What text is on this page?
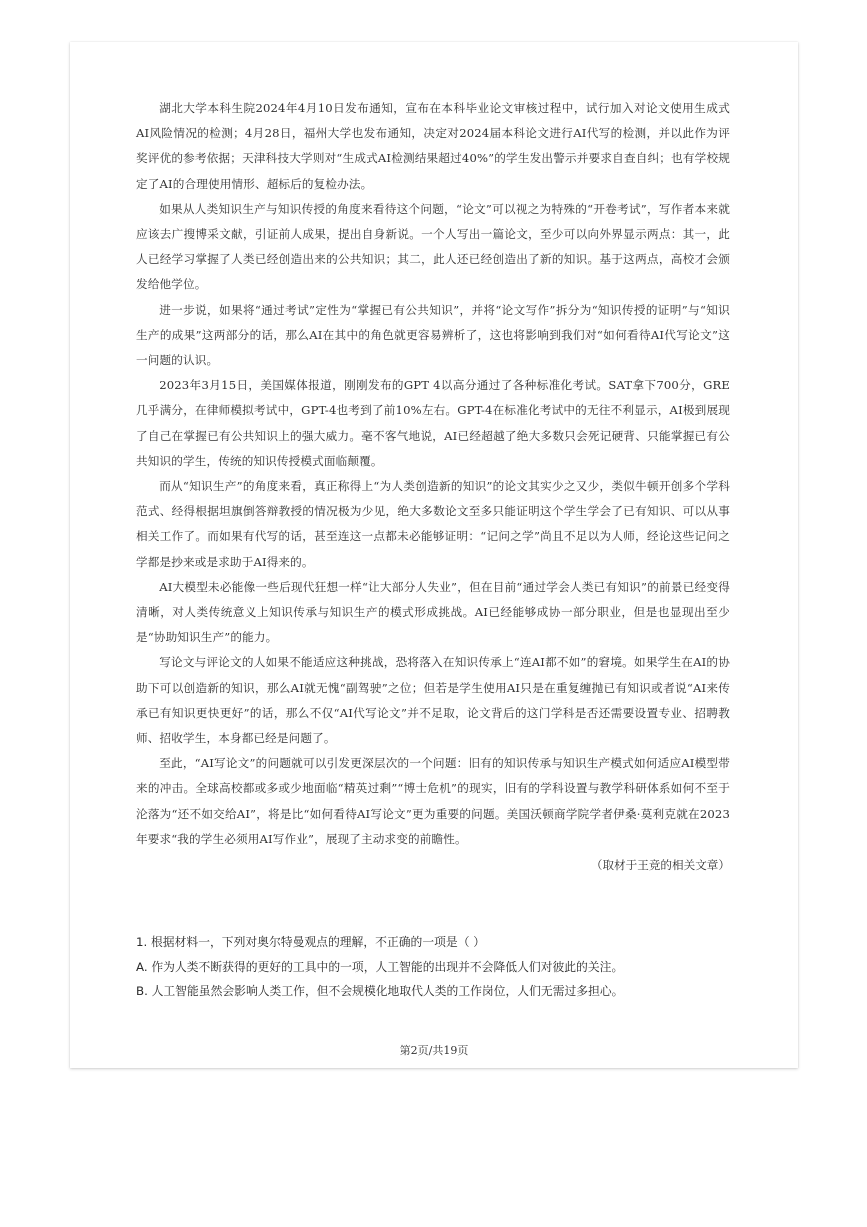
湖北大学本科生院2024年4月10日发布通知，宣布在本科毕业论文审核过程中，试行加入对论文使用生成式AI风险情况的检测；4月28日，福州大学也发布通知，决定对2024届本科论文进行AI代写的检测，并以此作为评奖评优的参考依据；天津科技大学则对“生成式AI检测结果超过40%”的学生发出警示并要求自查自纠；也有学校规定了AI的合理使用情形、超标后的复检办法。

如果从人类知识生产与知识传授的角度来看待这个问题，“论文”可以视之为特殊的“开卷考试”，写作者本来就应该去广搜博采文献，引证前人成果，提出自身新说。一个人写出一篇论文，至少可以向外界显示两点：其一，此人已经学习掌握了人类已经创造出来的公共知识；其二，此人还已经创造出了新的知识。基于这两点，高校才会颁发给他学位。

进一步说，如果将“通过考试”定性为“掌握已有公共知识”，并将“论文写作”拆分为“知识传授的证明”与“知识生产的成果”这两部分的话，那么AI在其中的角色就更容易辨析了，这也将影响到我们对“如何看待AI代写论文”这一问题的认识。

2023年3月15日，美国媒体报道，刚刚发布的GPT 4以高分通过了各种标准化考试。SAT拿下700分，GRE几乎满分，在律师模拟考试中，GPT-4也考到了前10%左右。GPT-4在标准化考试中的无往不利显示，AI极到展现了自己在掌握已有公共知识上的强大威力。毫不客气地说，AI已经超越了绝大多数只会死记硬背、只能掌握已有公共知识的学生，传统的知识传授模式面临颠覆。

而从“知识生产”的角度来看，真正称得上“为人类创造新的知识”的论文其实少之又少，类似牛顿开创多个学科范式、经得根据坦旗倒答辩教授的情况极为少见，绝大多数论文至多只能证明这个学生学会了已有知识、可以从事相关工作了。而如果有代写的话，甚至连这一点都未必能够证明：“记问之学”尚且不足以为人师，经论这些记问之学都是抄来或是求助于AI得来的。

AI大模型未必能像一些后现代狂想一样“让大部分人失业”，但在目前“通过学会人类已有知识”的前景已经变得清晰，对人类传统意义上知识传承与知识生产的模式形成挑战。AI已经能够成协一部分职业，但是也显现出至少是“协助知识生产”的能力。

写论文与评论文的人如果不能适应这种挑战，恐将落入在知识传承上“连AI都不如”的窘境。如果学生在AI的协助下可以创造新的知识，那么AI就无愧“副驾驶”之位；但若是学生使用AI只是在重复缠抛已有知识或者说“AI来传承已有知识更快更好”的话，那么不仅“AI代写论文”并不足取，论文背后的这门学科是否还需要设置专业、招聘教师、招收学生，本身都已经是问题了。

至此，“AI写论文”的问题就可以引发更深层次的一个问题：旧有的知识传承与知识生产模式如何适应AI模型带来的冲击。全球高校都或多或少地面临“精英过剩”“博士危机”的现实，旧有的学科设置与教学科研体系如何不至于沦落为“还不如交给AI”，将是比“如何看待AI写论文”更为重要的问题。美国沃顿商学院学者伊桑·莫利克就在2023年要求“我的学生必须用AI写作业”，展现了主动求变的前瞻性。

（取材于王竞的相关文章）

1. 根据材料一，下列对奥尔特曼观点的理解，不正确的一项是（ ）

A. 作为人类不断获得的更好的工具中的一项，人工智能的出现并不会降低人们对彼此的关注。

B. 人工智能虽然会影响人类工作，但不会规模化地取代人类的工作岗位，人们无需过多担心。

第2页/共19页
